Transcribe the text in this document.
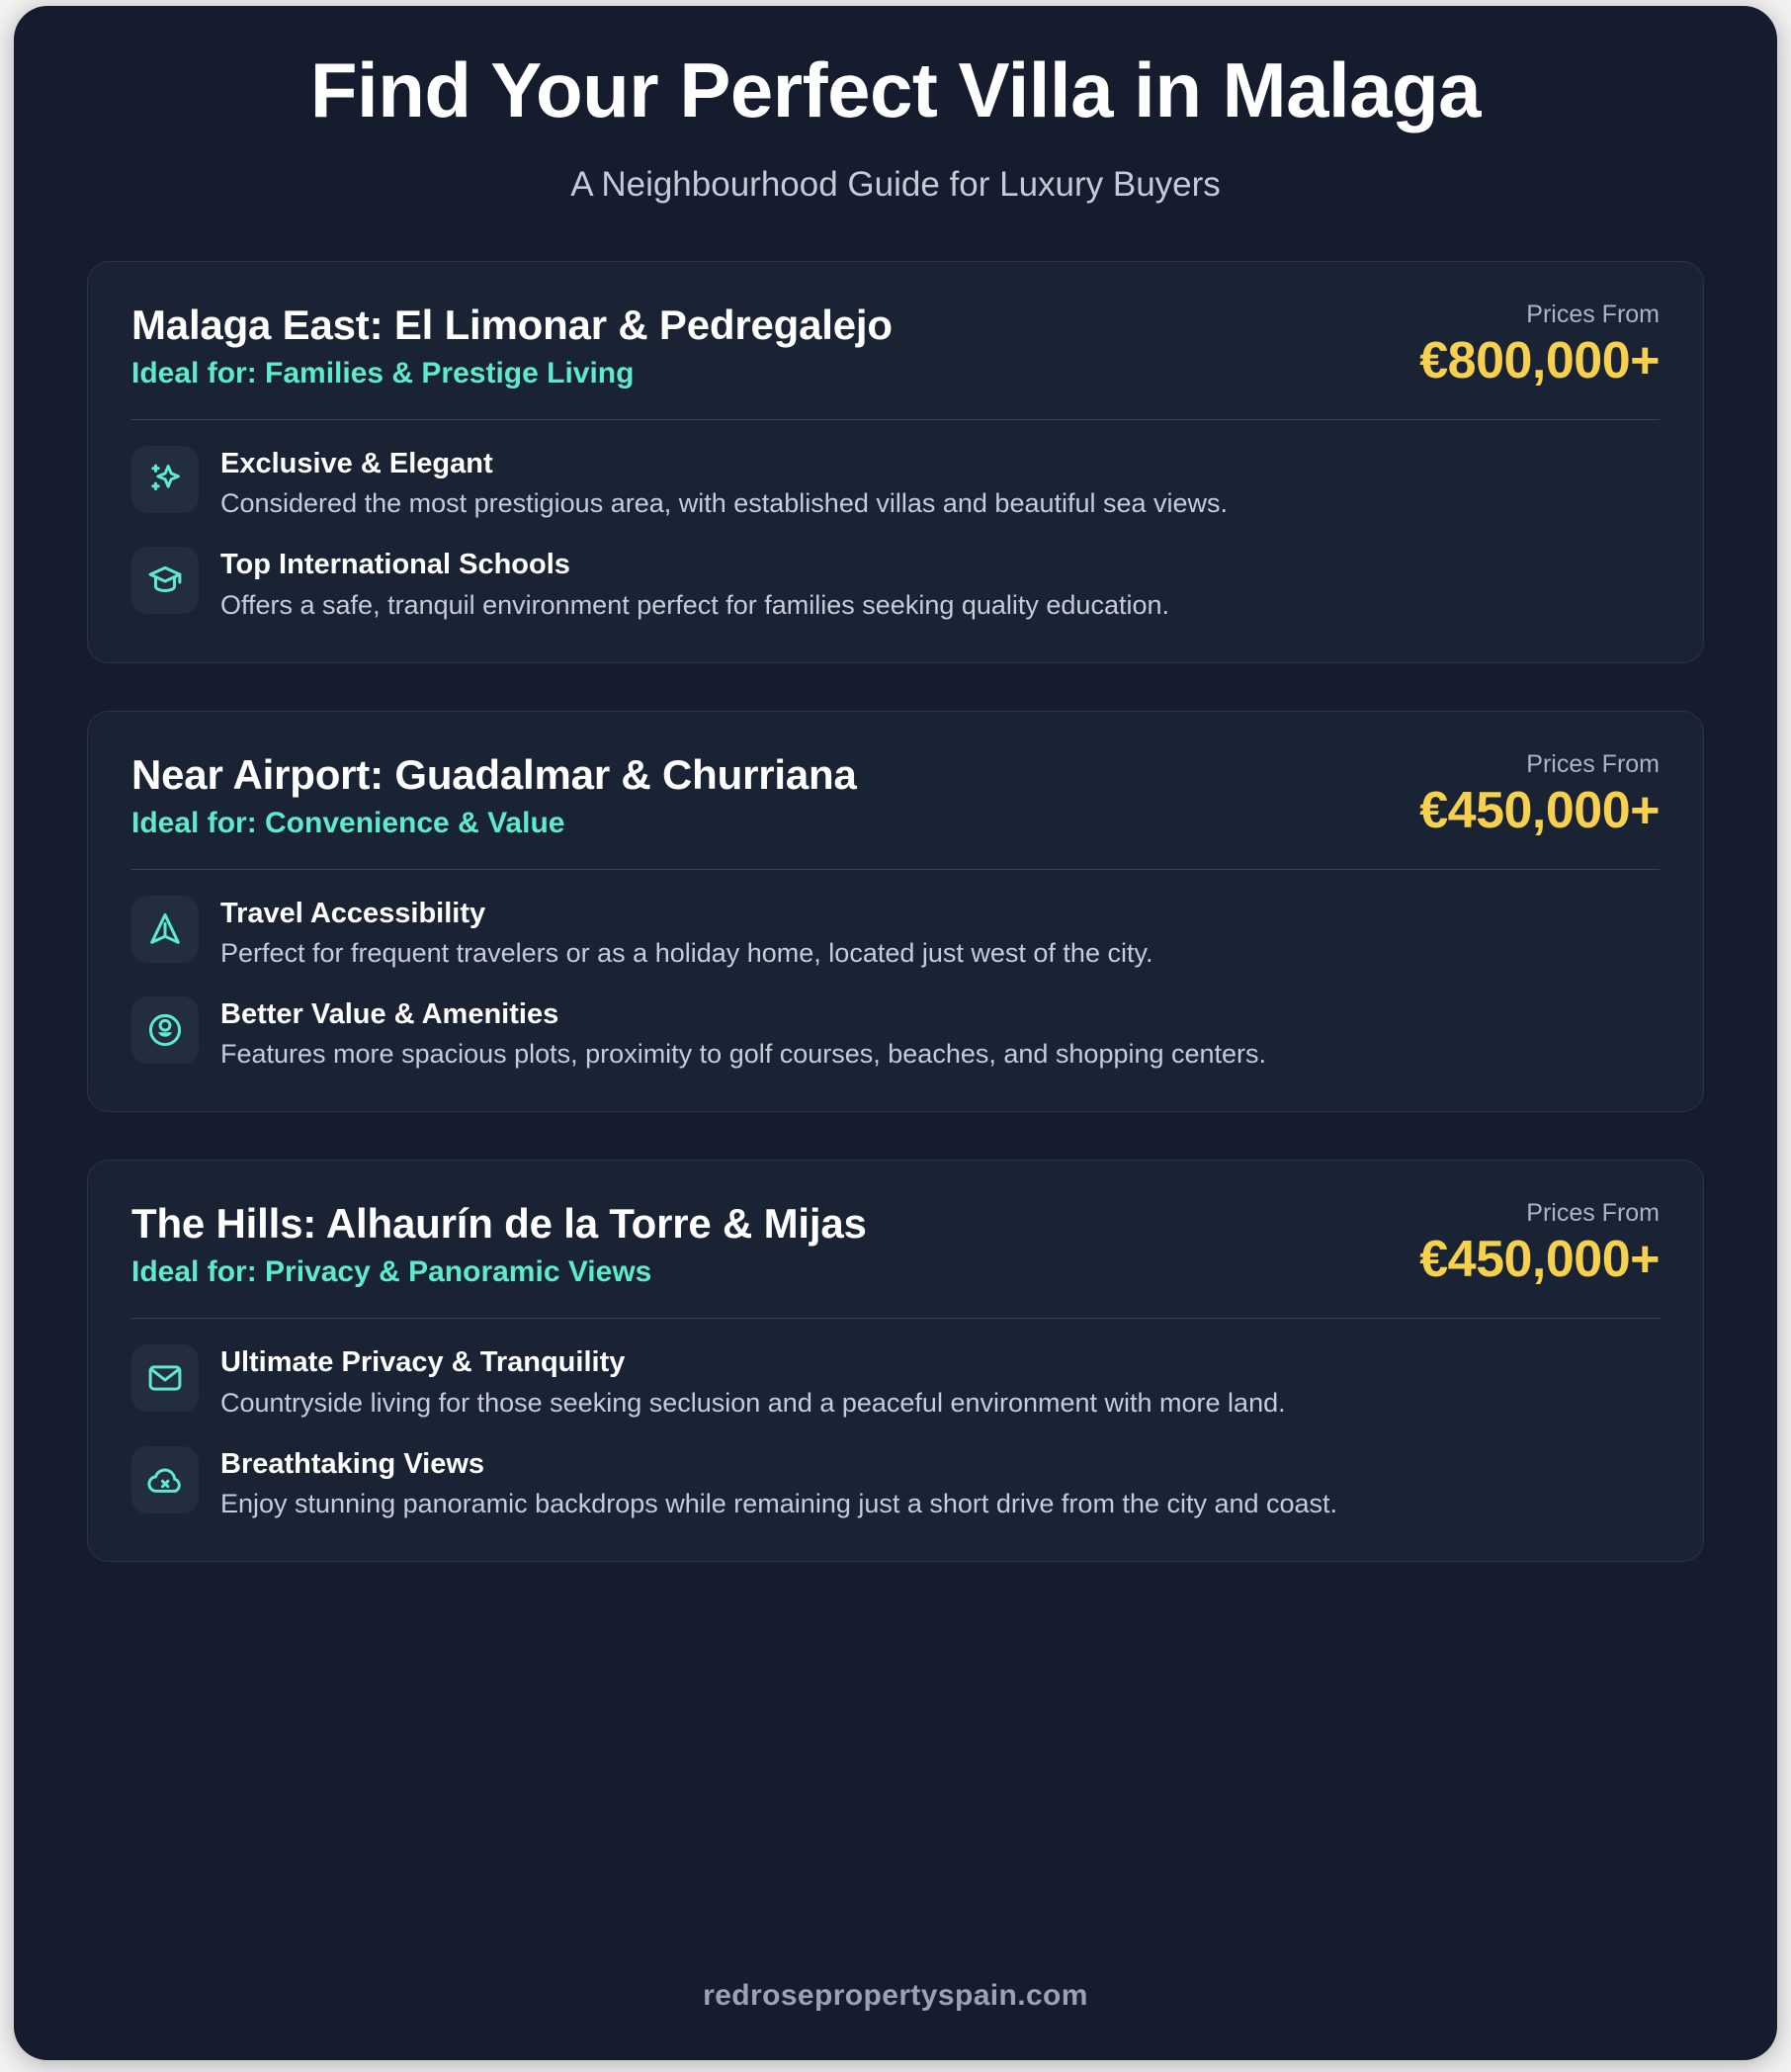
Find Your Perfect Villa in Malaga

A Neighbourhood Guide for Luxury Buyers

Malaga East: El Limonar & Pedregalejo

Ideal for: Families & Prestige Living

Prices From

€800,000+

Exclusive & Elegant
Considered the most prestigious area, with established villas and beautiful sea views.
Top International Schools
Offers a safe, tranquil environment perfect for families seeking quality education.
Near Airport: Guadalmar & Churriana

Ideal for: Convenience & Value

Prices From

€450,000+

Travel Accessibility
Perfect for frequent travelers or as a holiday home, located just west of the city.
Better Value & Amenities
Features more spacious plots, proximity to golf courses, beaches, and shopping centers.
The Hills: Alhaurín de la Torre & Mijas

Ideal for: Privacy & Panoramic Views

Prices From

€450,000+

Ultimate Privacy & Tranquility
Countryside living for those seeking seclusion and a peaceful environment with more land.
Breathtaking Views
Enjoy stunning panoramic backdrops while remaining just a short drive from the city and coast.
redrosepropertyspain.com
